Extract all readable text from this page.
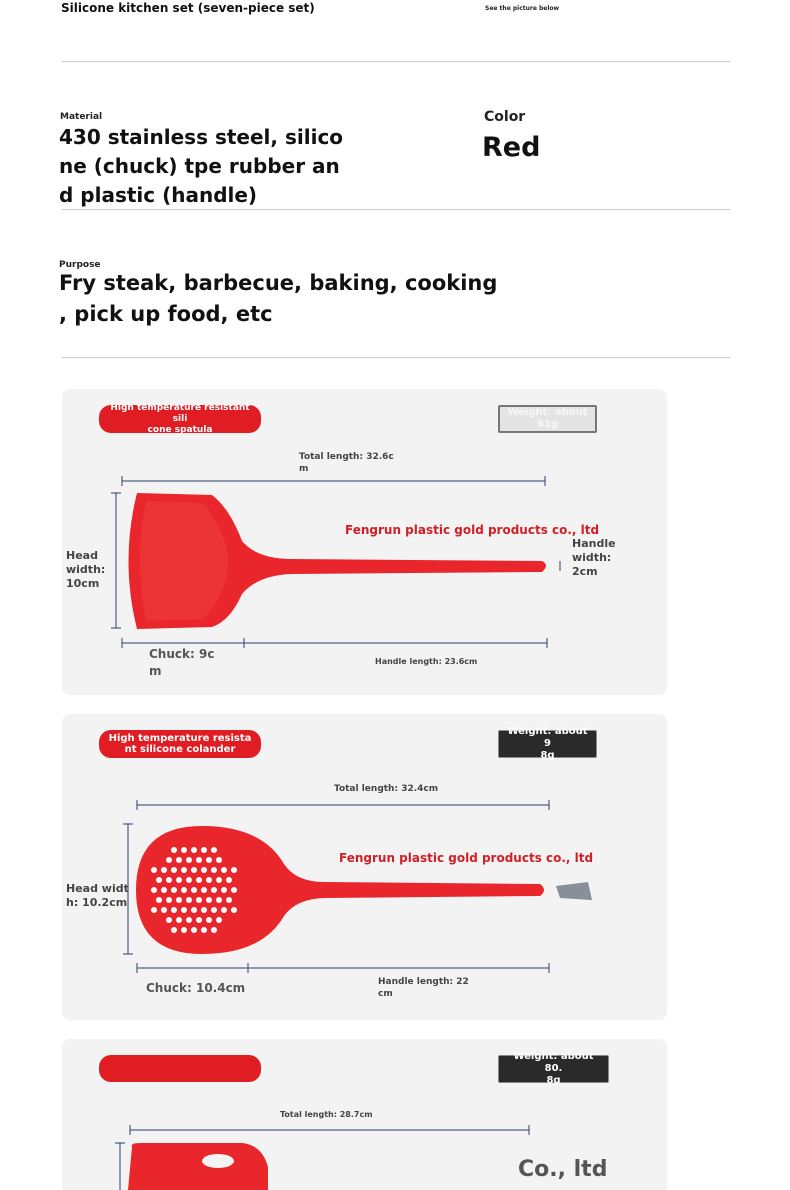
Silicone kitchen set (seven-piece set)	See the picture below
Material
430 stainless steel, silico
ne (chuck) tpe rubber an
d plastic (handle)
Color
Red
Purpose
Fry steak, barbecue, baking, cooking
, pick up food, etc
High temperature resistant sili
cone spatula
Weight: about 91g
Total length: 32.6c
m
Fengrun plastic gold products co., ltd
Head
width:
10cm
Handle
width:
2cm
Chuck: 9c
m
Handle length: 23.6cm
High temperature resista
nt silicone colander
Weight: about 9
8g
Total length: 32.4cm
Fengrun plastic gold products co., ltd
Head widt
h: 10.2cm
Chuck: 10.4cm	Handle length: 22
cm
Weight: about 80.
8g
Total length: 28.7cm
Co., ltd
